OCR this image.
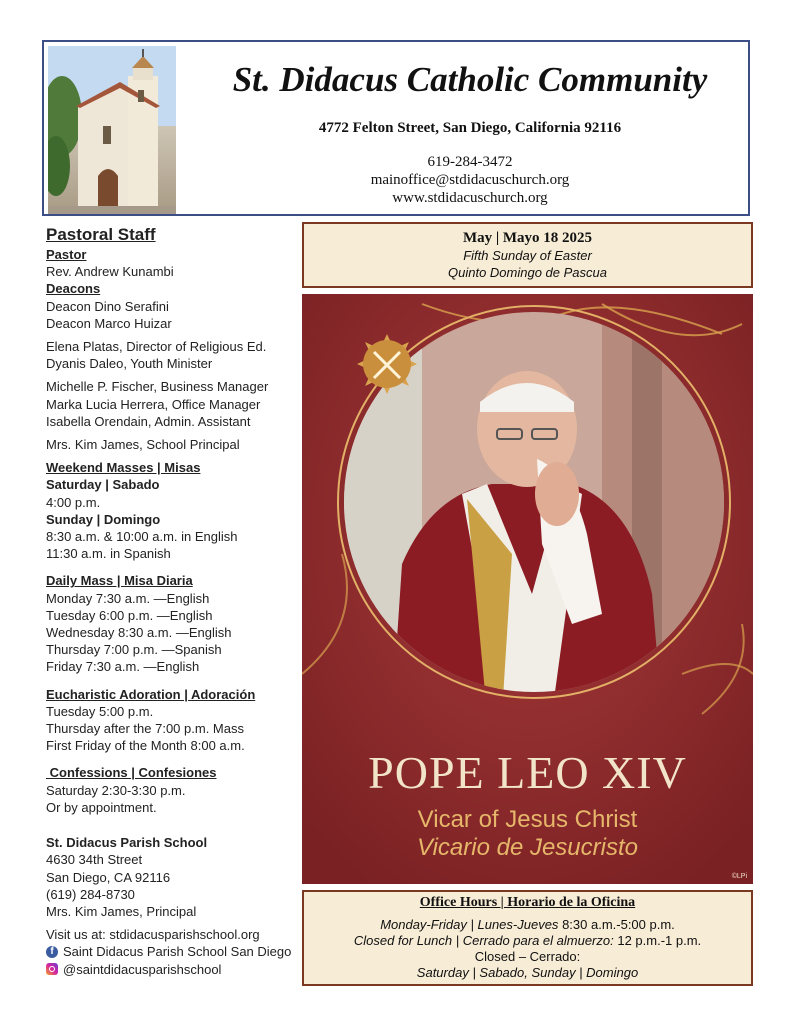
St. Didacus Catholic Community
4772 Felton Street, San Diego, California 92116
619-284-3472
mainoffice@stdidacuschurch.org
www.stdidacuschurch.org
Pastoral Staff
Pastor
Rev. Andrew Kunambi
Deacons
Deacon Dino Serafini
Deacon Marco Huizar
Elena Platas, Director of Religious Ed.
Dyanis Daleo, Youth Minister
Michelle P. Fischer, Business Manager
Marka Lucia Herrera, Office Manager
Isabella Orendain, Admin. Assistant
Mrs. Kim James, School Principal
Weekend Masses | Misas
Saturday | Sabado
4:00 p.m.
Sunday | Domingo
8:30 a.m. & 10:00 a.m. in English
11:30 a.m. in Spanish
Daily Mass | Misa Diaria
Monday 7:30 a.m. —English
Tuesday 6:00 p.m. —English
Wednesday 8:30 a.m. —English
Thursday 7:00 p.m. —Spanish
Friday 7:30 a.m. —English
Eucharistic Adoration | Adoración
Tuesday 5:00 p.m.
Thursday after the 7:00 p.m. Mass
First Friday of the Month 8:00 a.m.
Confessions | Confesiones
Saturday 2:30-3:30 p.m.
Or by appointment.
St. Didacus Parish School
4630 34th Street
San Diego, CA 92116
(619) 284-8730
Mrs. Kim James, Principal
Visit us at: stdidacusparishschool.org
f Saint Didacus Parish School San Diego
@saintdidacusparishschool
May | Mayo 18 2025
Fifth Sunday of Easter
Quinto Domingo de Pascua
POPE LEO XIV
Vicar of Jesus Christ
Vicario de Jesucristo
©LPi
Office Hours | Horario de la Oficina
Monday-Friday | Lunes-Jueves 8:30 a.m.-5:00 p.m.
Closed for Lunch | Cerrado para el almuerzo: 12 p.m.-1 p.m.
Closed – Cerrado:
Saturday | Sabado, Sunday | Domingo
